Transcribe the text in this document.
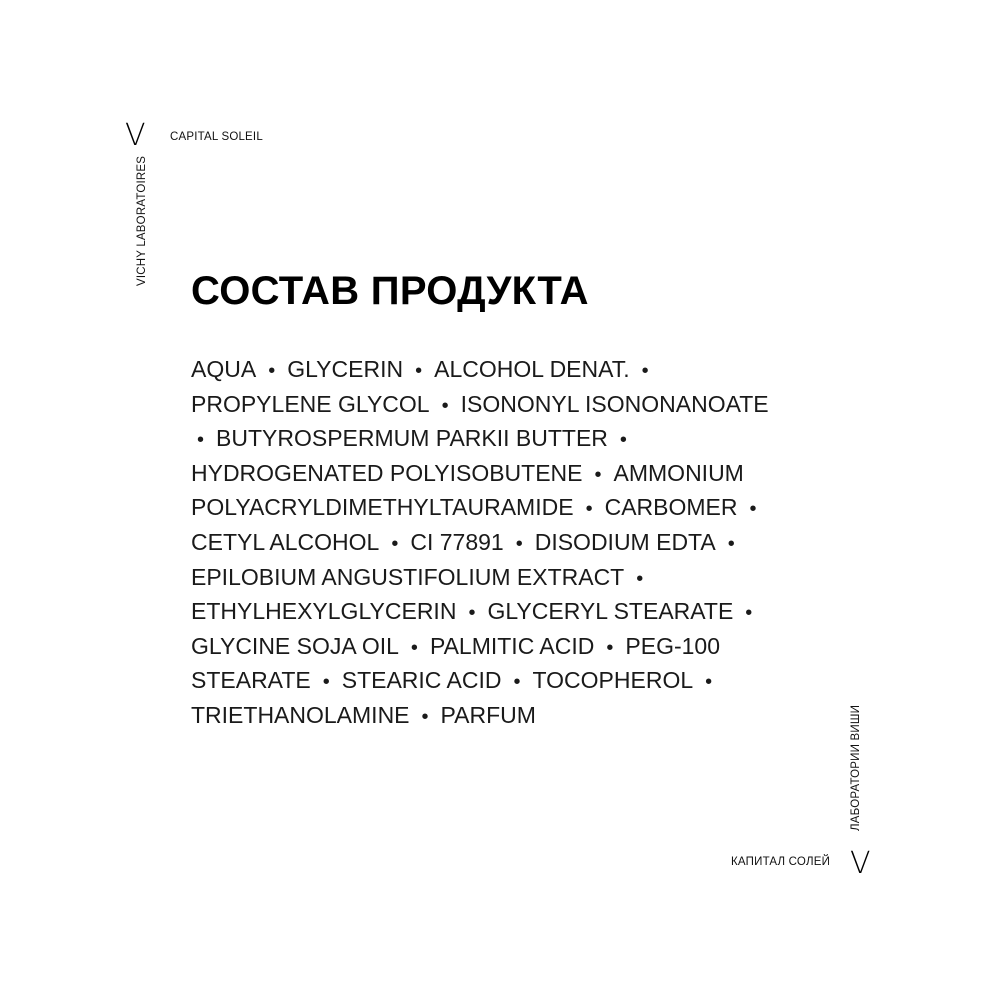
V CAPITAL SOLEIL
VICHY LABORATOIRES
СОСТАВ ПРОДУКТА
AQUA • GLYCERIN • ALCOHOL DENAT. •
PROPYLENE GLYCOL • ISONONYL ISONONANOATE
• BUTYROSPERMUM PARKII BUTTER •
HYDROGENATED POLYISOBUTENE • AMMONIUM
POLYACRYLDIMETHYLTAURAMIDE • CARBOMER •
CETYL ALCOHOL • CI 77891 • DISODIUM EDTA •
EPILOBIUM ANGUSTIFOLIUM EXTRACT •
ETHYLHEXYLGLYCERIN • GLYCERYL STEARATE •
GLYCINE SOJA OIL • PALMITIC ACID • PEG-100
STEARATE • STEARIC ACID • TOCOPHEROL •
TRIETHANOLAMINE • PARFUM	ЛАБОРАТОРИИ ВИШИ
КАПИТАЛ СОЛЕЙ V
